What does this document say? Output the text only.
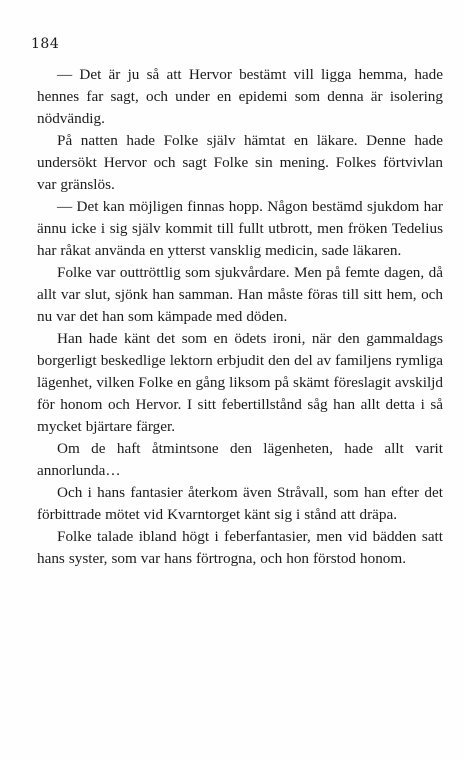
184

— Det är ju så att Hervor bestämt vill ligga hemma, hade hennes far sagt, och under en epidemi som denna är isolering nödvändig.

På natten hade Folke själv hämtat en läkare. Denne hade undersökt Hervor och sagt Folke sin mening. Folkes förtvivlan var gränslös.

— Det kan möjligen finnas hopp. Någon bestämd sjukdom har ännu icke i sig själv kommit till fullt utbrott, men fröken Tedelius har råkat använda en ytterst vansklig medicin, sade läkaren.

Folke var outtröttlig som sjukvårdare. Men på femte dagen, då allt var slut, sjönk han samman. Han måste föras till sitt hem, och nu var det han som kämpade med döden.

Han hade känt det som en ödets ironi, när den gammaldags borgerligt beskedlige lektorn erbjudit den del av familjens rymliga lägenhet, vilken Folke en gång liksom på skämt föreslagit avskiljd för honom och Hervor. I sitt febertillstånd såg han allt detta i så mycket bjärtare färger.

Om de haft åtmintsone den lägenheten, hade allt varit annorlunda…

Och i hans fantasier återkom även Stråvall, som han efter det förbittrade mötet vid Kvarntorget känt sig i stånd att dräpa.

Folke talade ibland högt i feberfantasier, men vid bädden satt hans syster, som var hans förtrogna, och hon förstod honom.
